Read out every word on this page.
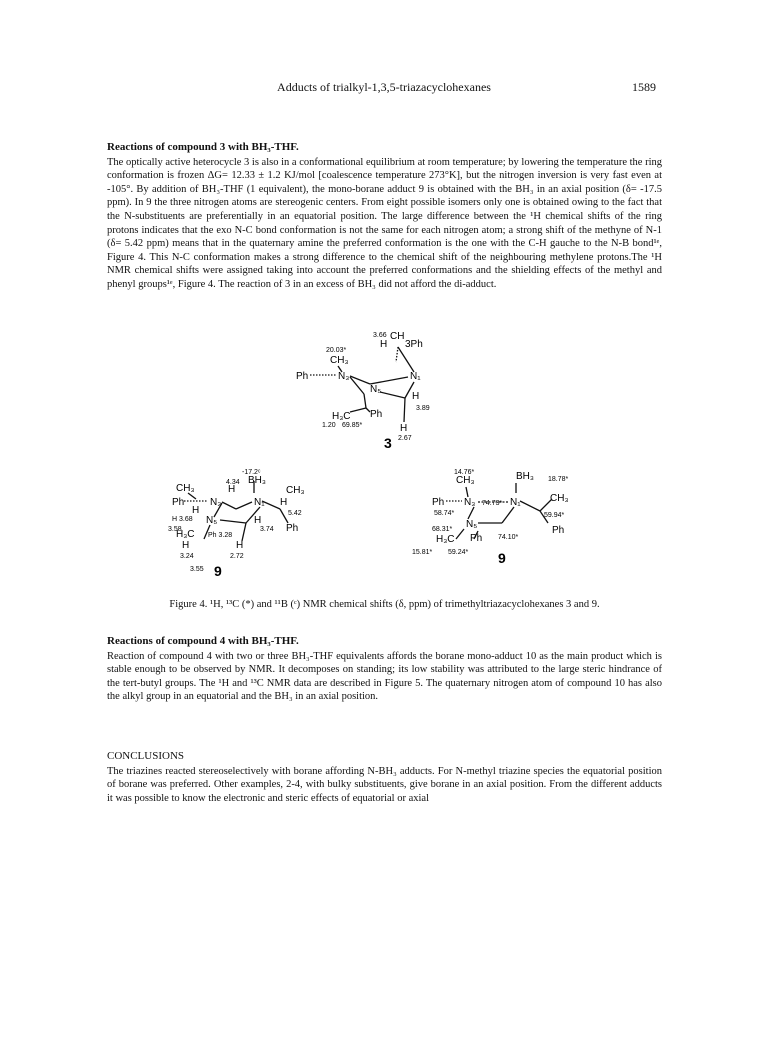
Adducts of trialkyl-1,3,5-triazacyclohexanes	1589
Reactions of compound 3 with BH₃-THF.

The optically active heterocycle 3 is also in a conformational equilibrium at room temperature; by lowering the temperature the ring conformation is frozen ΔG= 12.33 ± 1.2 KJ/mol [coalescence temperature 273°K], but the nitrogen inversion is very fast even at -105°. By addition of BH₃-THF (1 equivalent), the mono-borane adduct 9 is obtained with the BH₃ in an axial position (δ= -17.5 ppm). In 9 the three nitrogen atoms are stereogenic centers. From eight possible isomers only one is obtained owing to the fact that the N-substituents are preferentially in an equatorial position. The large difference between the ¹H chemical shifts of the ring protons indicates that the exo N-C bond conformation is not the same for each nitrogen atom; a strong shift of the methyne of N-1 (δ= 5.42 ppm) means that in the quaternary amine the preferred conformation is the one with the C-H gauche to the N-B bond¹ᵉ, Figure 4. This N-C conformation makes a strong difference to the chemical shift of the neighbouring methylene protons.The ¹H NMR chemical shifts were assigned taking into account the preferred conformations and the shielding effects of the methyl and phenyl groups¹ᵉ, Figure 4. The reaction of 3 in an excess of BH₃ did not afford the di-adduct.

3.66 CH
H 3Ph
20.03*
CH₃
Ph	N₃	N₁
N₅
H
3.89
H₃C Ph
1.20 69.85*	H
2.67
3
-17.2ᶜ
BH₃
4.34
H
CH₃	CH₃
Ph	N₃	N₁
H
H
5.42
H 3.68 N₅	H
3.58	3.74 Ph
H₃C Ph 3.28
H	H
3.24	2.72
3.55 9
14.76*
CH₃	BH₃ 18.78*
Ph N₃ 74.73* N₁	CH₃
58.74*	59.94*
N₅
68.31*
H₃C Ph 74.10*
Ph
15.81* 59.24* 9
Figure 4. ¹H, ¹³C (*) and ¹¹B (ᶜ) NMR chemical shifts (δ, ppm) of trimethyltriazacyclohexanes 3 and 9.
Reactions of compound 4 with BH₃-THF.

Reaction of compound 4 with two or three BH₃-THF equivalents affords the borane mono-adduct 10 as the main product which is stable enough to be observed by NMR. It decomposes on standing; its low stability was attributed to the large steric hindrance of the tert-butyl groups. The ¹H and ¹³C NMR data are described in Figure 5. The quaternary nitrogen atom of compound 10 has also the alkyl group in an equatorial and the BH₃ in an axial position.

CONCLUSIONS

The triazines reacted stereoselectively with borane affording N-BH₃ adducts. For N-methyl triazine species the equatorial position of borane was preferred. Other examples, 2-4, with bulky substituents, give borane in an axial position. From the different adducts it was possible to know the electronic and steric effects of equatorial or axial
